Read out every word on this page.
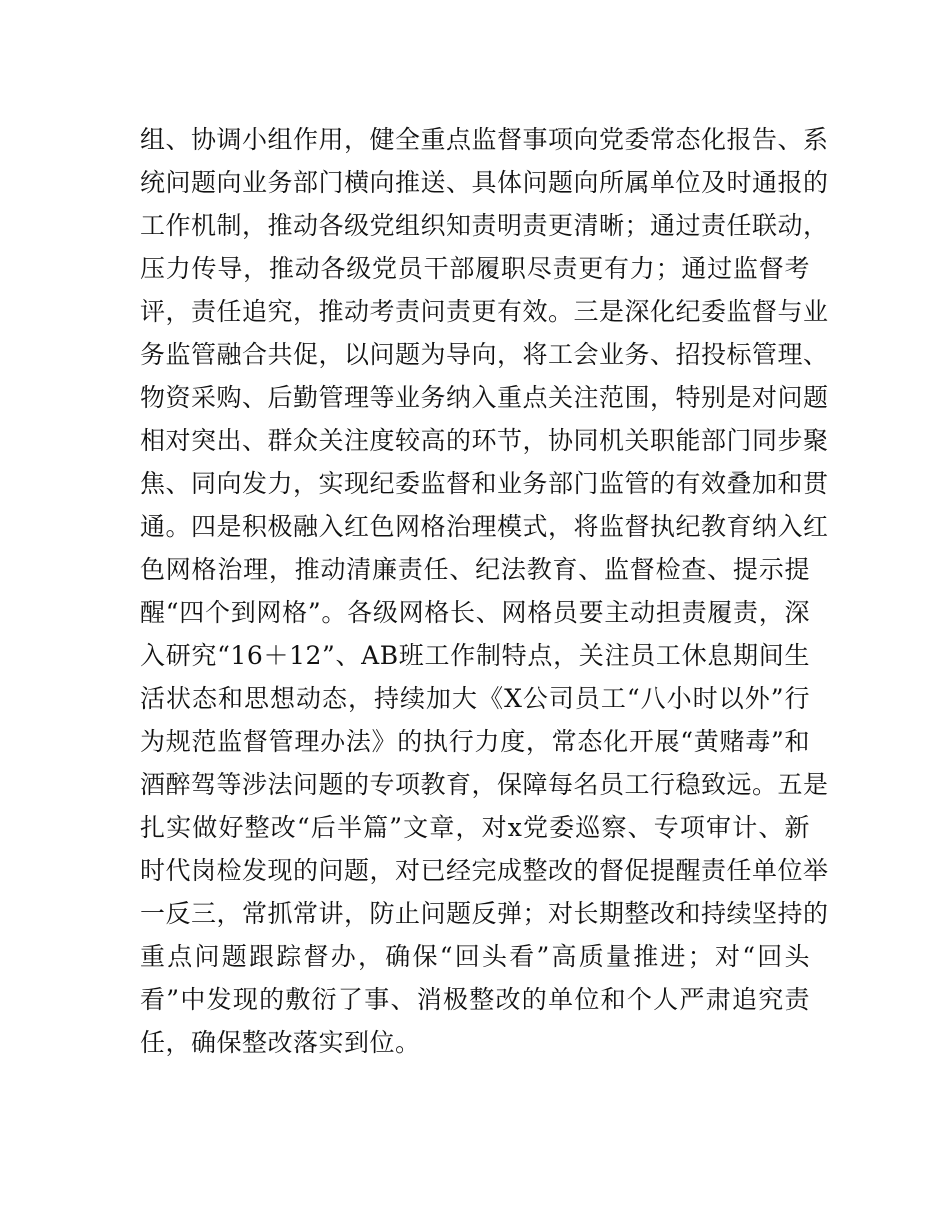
组、协调小组作用，健全重点监督事项向党委常态化报告、系
统问题向业务部门横向推送、具体问题向所属单位及时通报的
工作机制，推动各级党组织知责明责更清晰；通过责任联动，
压力传导，推动各级党员干部履职尽责更有力；通过监督考
评，责任追究，推动考责问责更有效。三是深化纪委监督与业
务监管融合共促，以问题为导向，将工会业务、招投标管理、
物资采购、后勤管理等业务纳入重点关注范围，特别是对问题
相对突出、群众关注度较高的环节，协同机关职能部门同步聚
焦、同向发力，实现纪委监督和业务部门监管的有效叠加和贯
通。四是积极融入红色网格治理模式，将监督执纪教育纳入红
色网格治理，推动清廉责任、纪法教育、监督检查、提示提
醒“四个到网格”。各级网格长、网格员要主动担责履责，深
入研究“16＋12”、AB班工作制特点，关注员工休息期间生
活状态和思想动态，持续加大《X公司员工“八小时以外”行
为规范监督管理办法》的执行力度，常态化开展“黄赌毒”和
酒醉驾等涉法问题的专项教育，保障每名员工行稳致远。五是
扎实做好整改“后半篇”文章，对x党委巡察、专项审计、新
时代岗检发现的问题，对已经完成整改的督促提醒责任单位举
一反三，常抓常讲，防止问题反弹；对长期整改和持续坚持的
重点问题跟踪督办，确保“回头看”高质量推进；对“回头
看”中发现的敷衍了事、消极整改的单位和个人严肃追究责
任，确保整改落实到位。
